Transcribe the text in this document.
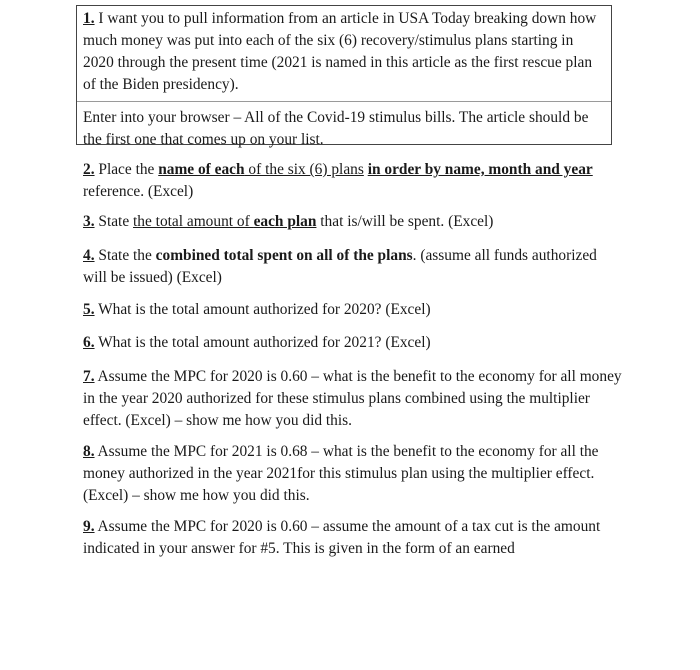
1. I want you to pull information from an article in USA Today breaking down how much money was put into each of the six (6) recovery/stimulus plans starting in 2020 through the present time (2021 is named in this article as the first rescue plan of the Biden presidency).

Enter into your browser – All of the Covid-19 stimulus bills. The article should be the first one that comes up on your list.

2. Place the name of each of the six (6) plans in order by name, month and year reference. (Excel)

3. State the total amount of each plan that is/will be spent. (Excel)

4. State the combined total spent on all of the plans. (assume all funds authorized will be issued) (Excel)

5. What is the total amount authorized for 2020? (Excel)

6. What is the total amount authorized for 2021? (Excel)

7. Assume the MPC for 2020 is 0.60 – what is the benefit to the economy for all money in the year 2020 authorized for these stimulus plans combined using the multiplier effect. (Excel) – show me how you did this.

8. Assume the MPC for 2021 is 0.68 – what is the benefit to the economy for all the money authorized in the year 2021for this stimulus plan using the multiplier effect. (Excel) – show me how you did this.

9. Assume the MPC for 2020 is 0.60 – assume the amount of a tax cut is the amount indicated in your answer for #5. This is given in the form of an earned
